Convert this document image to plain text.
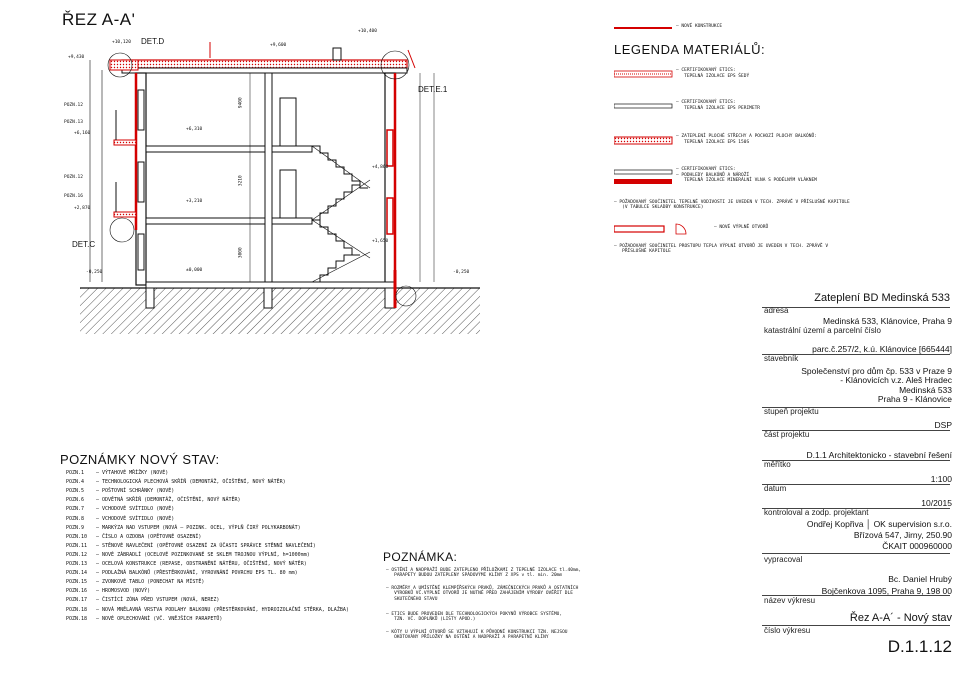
ŘEZ A-A'
DET.D
DET.E.1
DET.C
+10,400
+9,600
+10,120
+9,430
+6,310
+3,210
±0,000
-0,250	-0,250
+4,860
+1,650
+6,160
+2,870
POZN.12
POZN.13
POZN.12
POZN.16
9400
3210
3000
– NOVÉ KONSTRUKCE
LEGENDA MATERIÁLŮ:
– CERTIFIKOVANÝ ETICS:
TEPELNÁ IZOLACE EPS ŠEDÝ
– CERTIFIKOVANÝ ETICS:
TEPELNÁ IZOLACE EPS PERIMETR
– ZATEPLENÍ PLOCHÉ STŘECHY A POCHOZÍ PLOCHY BALKÓNŮ:
TEPELNÁ IZOLACE EPS 150S
– CERTIFIKOVANÝ ETICS:
– PODHLEDY BALKÓNŮ A NÁROŽÍ
TEPELNÁ IZOLACE MINERÁLNÍ VLNA S PODÉLNÝM VLÁKNEM
– POŽADOVANÝ SOUČINITEL TEPELNÉ VODIVOSTI JE UVEDEN V TECH. ZPRÁVĚ V PŘÍSLUŠNÉ KAPITOLE
(V TABULCE SKLADBY KONSTRUKCE)
– NOVÉ VÝPLNĚ OTVORŮ
– POŽADOVANÝ SOUČINITEL PROSTUPU TEPLA VÝPLNÍ OTVORŮ JE UVEDEN V TECH. ZPRÁVĚ V
PŘÍSLUŠNÉ KAPITOLE
POZNÁMKY NOVÝ STAV:
POZN.1 – VÝTAHOVÉ MŘÍŽKY (NOVÉ)
POZN.4 – TECHNOLOGICKÁ PLECHOVÁ SKŘÍŇ (DEMONTÁŽ, OČIŠTĚNÍ, NOVÝ NÁTĚR)
POZN.5 – POŠTOVNÍ SCHRÁNKY (NOVÉ)
POZN.6 – ODVĚTNÁ SKŘÍŇ (DEMONTÁŽ, OČIŠTĚNÍ, NOVÝ NÁTĚR)
POZN.7 – VCHODOVÉ SVÍTIDLO (NOVÉ)
POZN.8 – VCHODOVÉ SVÍTIDLO (NOVÉ)
POZN.9 – MARKÝZA NAD VSTUPEM (NOVÁ – POZINK. OCEL, VÝPLŇ ČIRÝ POLYKARBONÁT)
POZN.10 – ČÍSLO A OZDOBA (OPĚTOVNÉ OSAZENÍ)
POZN.11 – STĚNOVÉ NAVLEČENÍ (OPĚTOVNÉ OSAZENÍ ZA ÚČASTI SPRÁVCE STĚNNÍ NAVLEČENÍ)
POZN.12 – NOVÉ ZÁBRADLÍ (OCELOVÉ POZINKOVANÉ SE SKLEM TROJNOU VÝPLNÍ, h=1000mm)
POZN.13 – OCELOVÁ KONSTRUKCE (REPASE, ODSTRANĚNÍ NÁTĚRU, OČIŠTĚNÍ, NOVÝ NÁTĚR)
POZN.14 – PODLAŽNÁ BALKÓNŮ (PŘESTĚRKOVÁNÍ, VYROVNÁNÍ POVRCHU EPS TL. 80 mm)
POZN.15 – ZVONKOVÉ TABLO (PONECHAT NA MÍSTĚ)
POZN.16 – HROMOSVOD (NOVÝ)
POZN.17 – ČISTÍCÍ ZÓNA PŘED VSTUPEM (NOVÁ, NEREZ)
POZN.18 – NOVÁ MNĚLAVNÁ VRSTVA PODLAHY BALKONU (PŘESTĚRKOVÁNÍ, HYDROIZOLAČNÍ STĚRKA, DLAŽBA)
POZN.18 – NOVÉ OPLECHOVÁNÍ (VČ. VNĚJŠÍCH PARAPETŮ)
POZNÁMKA:
– OSTĚNÍ A NADPRAŽÍ BUDE ZATEPLENO PŘÍLOŽKAMI Z TEPELNÉ IZOLACE tl.40mm,
PARAPETY BUDOU ZATEPLENY SPÁDOVÝMI KLÍNY Z XPS v tl. min. 20mm
– ROZMĚRY A UMÍSTĚNÍ KLEMPÍŘSKÝCH PRVKŮ, ZÁMEČNICKÝCH PRVKŮ A OSTATNÍCH
VÝROBKŮ VČ.VÝPLNÍ OTVORŮ JE NUTNÉ PŘED ZAHÁJENÍM VÝROBY OVĚŘIT DLE
SKUTEČNÉHO STAVU
– ETICS BUDE PROVEDEN DLE TECHNOLOGICKÝCH POKYNŮ VÝROBCE SYSTÉMU,
TZN. VČ. DOPLŇKŮ (LIŠTY APOD.)
– KÓTY U VÝPLNÍ OTVORŮ SE VZTAHUJÍ K PŮVODNÍ KONSTRUKCI TZN. NEJSOU
OKÓTOVÁNY PŘÍLOŽKY NA OSTĚNÍ A NADPRAŽÍ A PARAPETNÍ KLÍNY
Zateplení BD Medinská 533
adresa
Medinská 533, Klánovice, Praha 9
katastrální území a parcelní číslo
parc.č.257/2, k.ú. Klánovice [665444]
stavebník
Společenství pro dům čp. 533 v Praze 9
- Klánovicích v.z. Aleš Hradec
Medinská 533
Praha 9 - Klánovice
stupeň projektu
DSP
část projektu
D.1.1 Architektonicko - stavební řešení
měřítko
1:100
datum
10/2015
kontroloval a zodp. projektant
Ondřej Kopřiva │ OK supervision s.r.o.
Břízová 547, Jirny, 250.90
ČKAIT 000960000
vypracoval
Bc. Daniel Hrubý
Bojčenkova 1095, Praha 9, 198 00
název výkresu
Řez A-A´ - Nový stav
číslo výkresu
D.1.1.12
